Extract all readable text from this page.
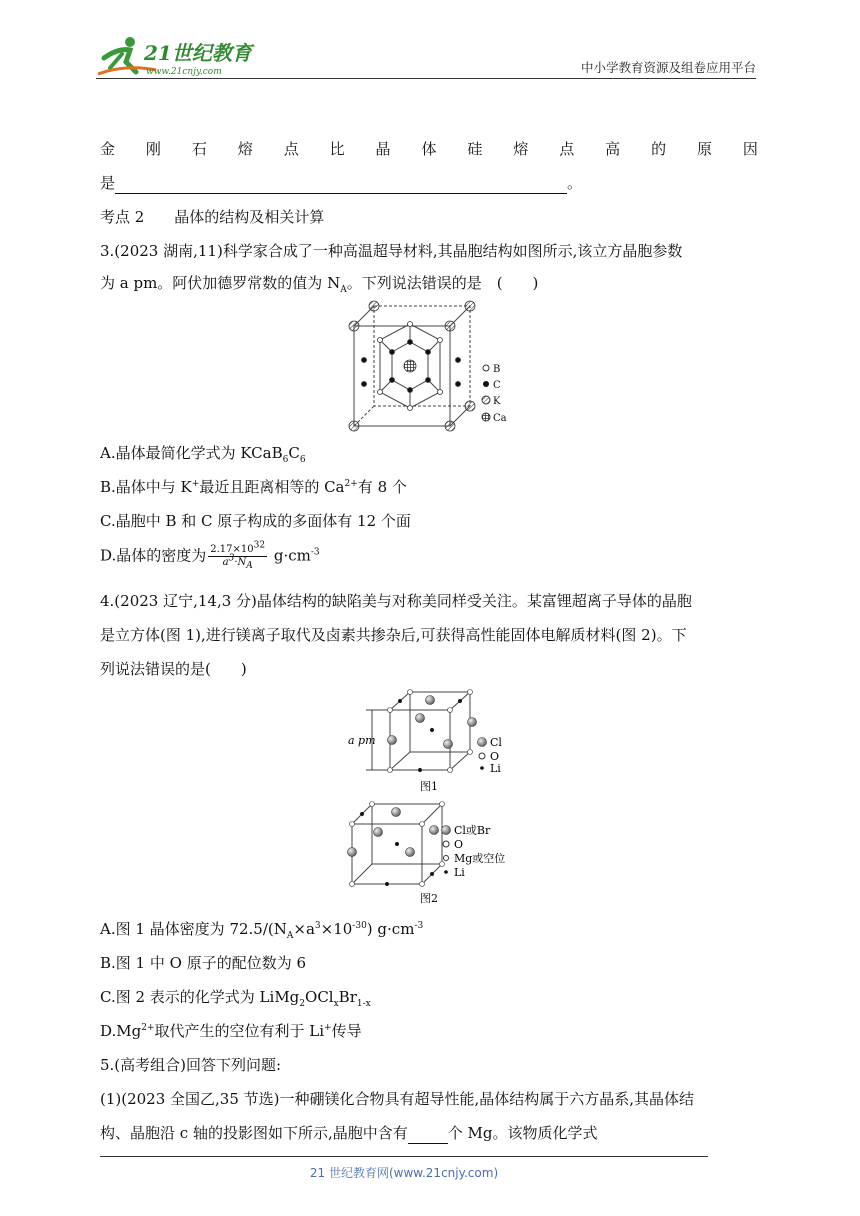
21世纪教育
www.21cnjy.com	中小学教育资源及组卷应用平台
金 刚 石 熔 点 比 晶 体 硅 熔 点 高 的 原 因
是	。
考点 2　　晶体的结构及相关计算
3.(2023 湖南,11)科学家合成了一种高温超导材料,其晶胞结构如图所示,该立方晶胞参数
为 a pm。阿伏加德罗常数的值为 $N_A$。下列说法错误的是　(　　)
B
C
K
Ca
A.晶体最简化学式为 $KCaB_6C_6$
B.晶体中与 K+最近且距离相等的 $Ca^{2+}$有 8 个
C.晶胞中 B 和 C 原子构成的多面体有 12 个面
D.晶体的密度为 $\frac{2.17\times 10^{32}}{a^3\cdot N_A} g\cdot cm^{-3}$
4.(2023 辽宁,14,3 分)晶体结构的缺陷美与对称美同样受关注。某富锂超离子导体的晶胞
是立方体(图 1),进行镁离子取代及卤素共掺杂后,可获得高性能固体电解质材料(图 2)。下
列说法错误的是(　　)
a pm	Cl
O
Li
图1
Cl或Br
O
Mg或空位
Li
图2
A.图 1 晶体密度为 $72.5/(N_A\times a^3\times 10^{-30})$ $g\cdot cm^{-3}$
B.图 1 中 O 原子的配位数为 6
C.图 2 表示的化学式为 $LiMg_2OCl_xBr_{1-x}$
$D.Mg^{2+}$取代产生的空位有利于 Li+传导
5.(高考组合)回答下列问题:
(1)(2023 全国乙,35 节选)一种硼镁化合物具有超导性能,晶体结构属于六方晶系,其晶体结
构、晶胞沿 c 轴的投影图如下所示,晶胞中含有	个 Mg。该物质化学式
21 世纪教育网(www.21cnjy.com)
